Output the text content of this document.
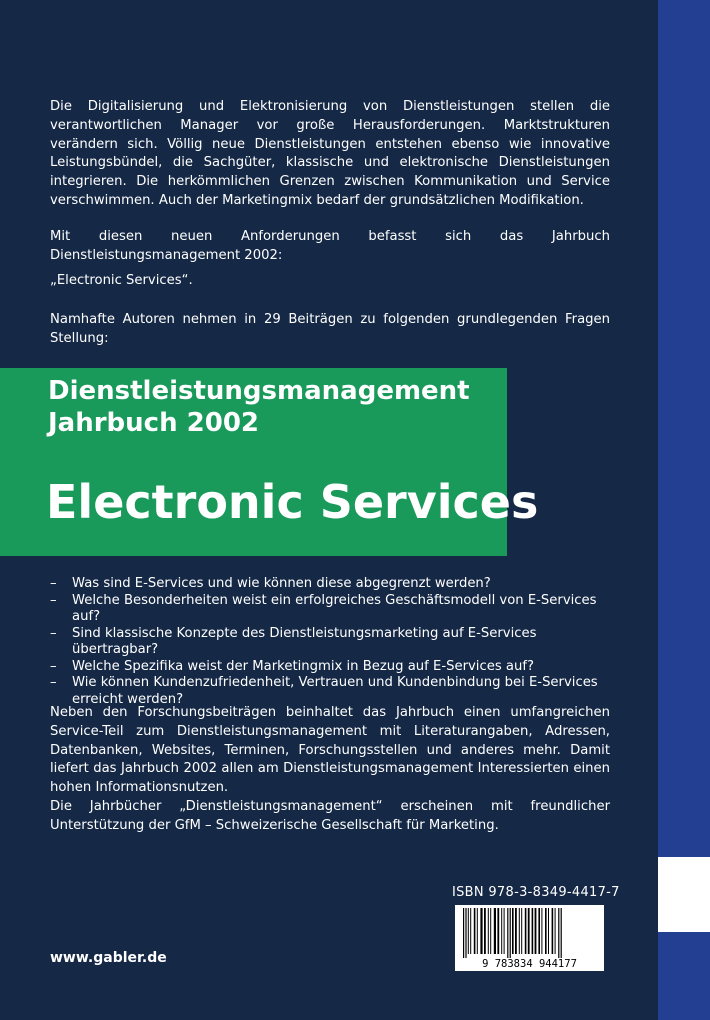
Die Digitalisierung und Elektronisierung von Dienstleistungen stellen die verantwortlichen Manager vor große Herausforderungen. Marktstrukturen verändern sich. Völlig neue Dienstleistungen entstehen ebenso wie innovative Leistungsbündel, die Sachgüter, klassische und elektronische Dienstleistungen integrieren. Die herkömmlichen Grenzen zwischen Kommunikation und Service verschwimmen. Auch der Marketingmix bedarf der grundsätzlichen Modifikation.

Mit diesen neuen Anforderungen befasst sich das Jahrbuch Dienstleistungsmanagement 2002:

„Electronic Services“.

Namhafte Autoren nehmen in 29 Beiträgen zu folgenden grundlegenden Fragen Stellung:

Dienstleistungsmanagement
Jahrbuch 2002
Electronic Services
–	Was sind E-Services und wie können diese abgegrenzt werden?
–	Welche Besonderheiten weist ein erfolgreiches Geschäftsmodell von E-Services auf?
–	Sind klassische Konzepte des Dienstleistungsmarketing auf E-Services übertragbar?
–	Welche Spezifika weist der Marketingmix in Bezug auf E-Services auf?
–	Wie können Kundenzufriedenheit, Vertrauen und Kundenbindung bei E-Services erreicht werden?

Neben den Forschungsbeiträgen beinhaltet das Jahrbuch einen umfangreichen Service-Teil zum Dienstleistungsmanagement mit Literaturangaben, Adressen, Datenbanken, Websites, Terminen, Forschungsstellen und anderes mehr. Damit liefert das Jahrbuch 2002 allen am Dienstleistungsmanagement Interessierten einen hohen Informationsnutzen.

Die Jahrbücher „Dienstleistungsmanagement“ erscheinen mit freundlicher Unterstützung der GfM – Schweizerische Gesellschaft für Marketing.

ISBN 978-3-8349-4417-7
9 783834 944177
www.gabler.de
